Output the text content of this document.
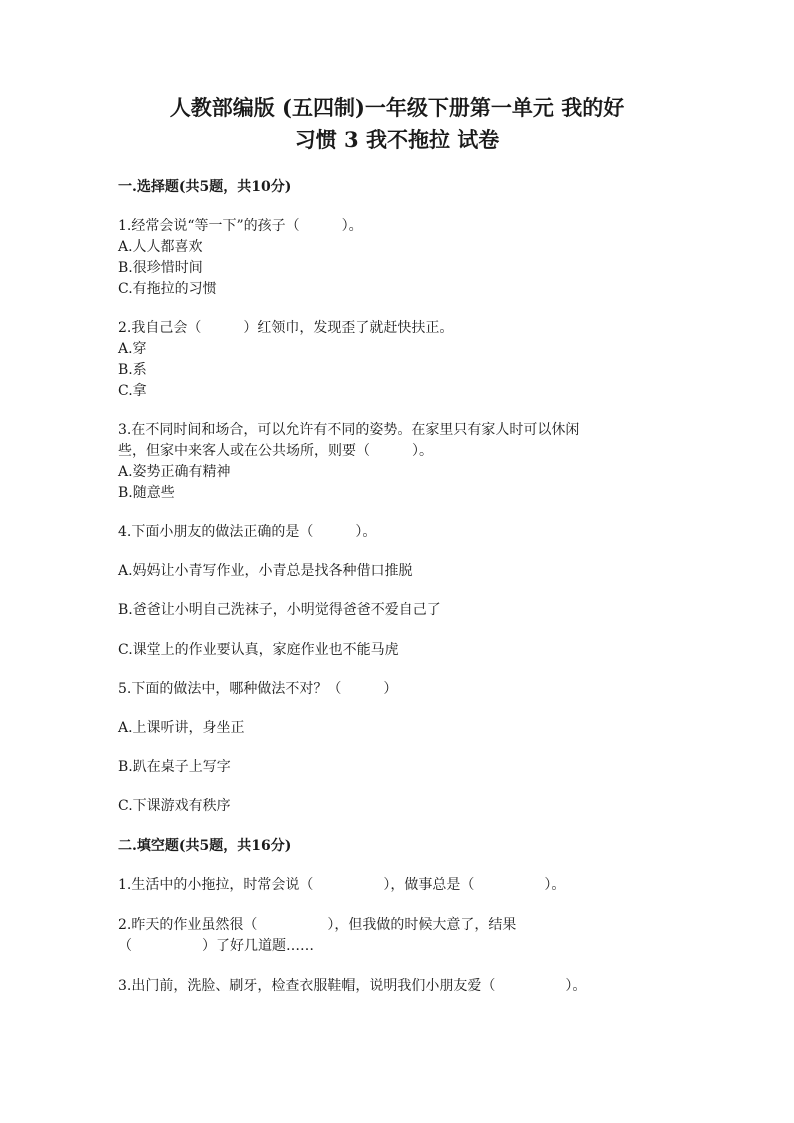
人教部编版 (五四制)一年级下册第一单元 我的好
习惯 3 我不拖拉 试卷
一.选择题(共5题，共10分)
1.经常会说“等一下”的孩子（　　　）。
A.人人都喜欢
B.很珍惜时间
C.有拖拉的习惯
2.我自己会（　　　）红领巾，发现歪了就赶快扶正。
A.穿
B.系
C.拿
3.在不同时间和场合，可以允许有不同的姿势。在家里只有家人时可以休闲
些，但家中来客人或在公共场所，则要（　　　）。
A.姿势正确有精神
B.随意些
4.下面小朋友的做法正确的是（　　　）。
A.妈妈让小青写作业，小青总是找各种借口推脱
B.爸爸让小明自己洗袜子，小明觉得爸爸不爱自己了
C.课堂上的作业要认真，家庭作业也不能马虎
5.下面的做法中，哪种做法不对？（　　　）
A.上课听讲，身坐正
B.趴在桌子上写字
C.下课游戏有秩序
二.填空题(共5题，共16分)
1.生活中的小拖拉，时常会说（　　　　　），做事总是（　　　　　）。
2.昨天的作业虽然很（　　　　　），但我做的时候大意了，结果
（　　　　　）了好几道题……
3.出门前，洗脸、刷牙，检查衣服鞋帽，说明我们小朋友爱（　　　　　）。
